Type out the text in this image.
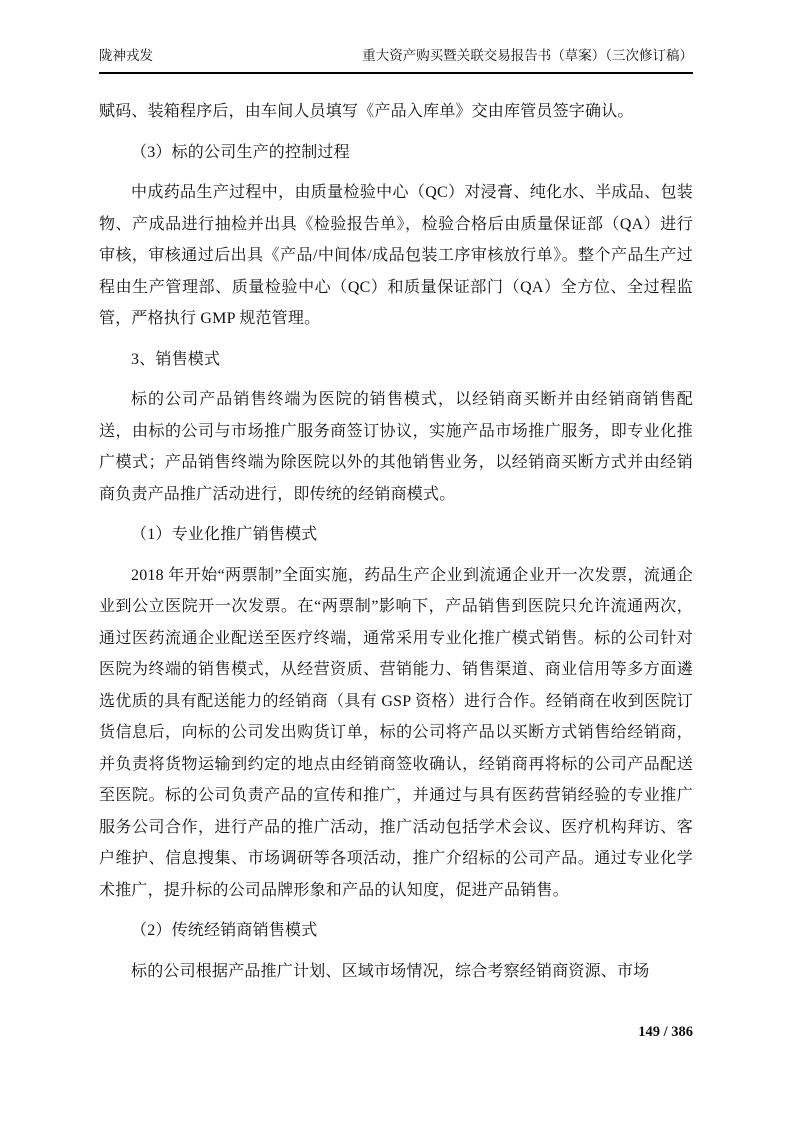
陇神戎发	重大资产购买暨关联交易报告书（草案）（三次修订稿）

赋码、装箱程序后，由车间人员填写《产品入库单》交由库管员签字确认。

（3）标的公司生产的控制过程

中成药品生产过程中，由质量检验中心（QC）对浸膏、纯化水、半成品、包装物、产成品进行抽检并出具《检验报告单》，检验合格后由质量保证部（QA）进行审核，审核通过后出具《产品/中间体/成品包装工序审核放行单》。整个产品生产过程由生产管理部、质量检验中心（QC）和质量保证部门（QA）全方位、全过程监管，严格执行 GMP 规范管理。

3、销售模式

标的公司产品销售终端为医院的销售模式，以经销商买断并由经销商销售配送，由标的公司与市场推广服务商签订协议，实施产品市场推广服务，即专业化推广模式；产品销售终端为除医院以外的其他销售业务，以经销商买断方式并由经销商负责产品推广活动进行，即传统的经销商模式。

（1）专业化推广销售模式

2018 年开始“两票制”全面实施，药品生产企业到流通企业开一次发票，流通企业到公立医院开一次发票。在“两票制”影响下，产品销售到医院只允许流通两次，通过医药流通企业配送至医疗终端，通常采用专业化推广模式销售。标的公司针对医院为终端的销售模式，从经营资质、营销能力、销售渠道、商业信用等多方面遴选优质的具有配送能力的经销商（具有 GSP 资格）进行合作。经销商在收到医院订货信息后，向标的公司发出购货订单，标的公司将产品以买断方式销售给经销商，并负责将货物运输到约定的地点由经销商签收确认，经销商再将标的公司产品配送至医院。标的公司负责产品的宣传和推广，并通过与具有医药营销经验的专业推广服务公司合作，进行产品的推广活动，推广活动包括学术会议、医疗机构拜访、客户维护、信息搜集、市场调研等各项活动，推广介绍标的公司产品。通过专业化学术推广，提升标的公司品牌形象和产品的认知度，促进产品销售。

（2）传统经销商销售模式

标的公司根据产品推广计划、区域市场情况，综合考察经销商资源、市场

149 / 386
